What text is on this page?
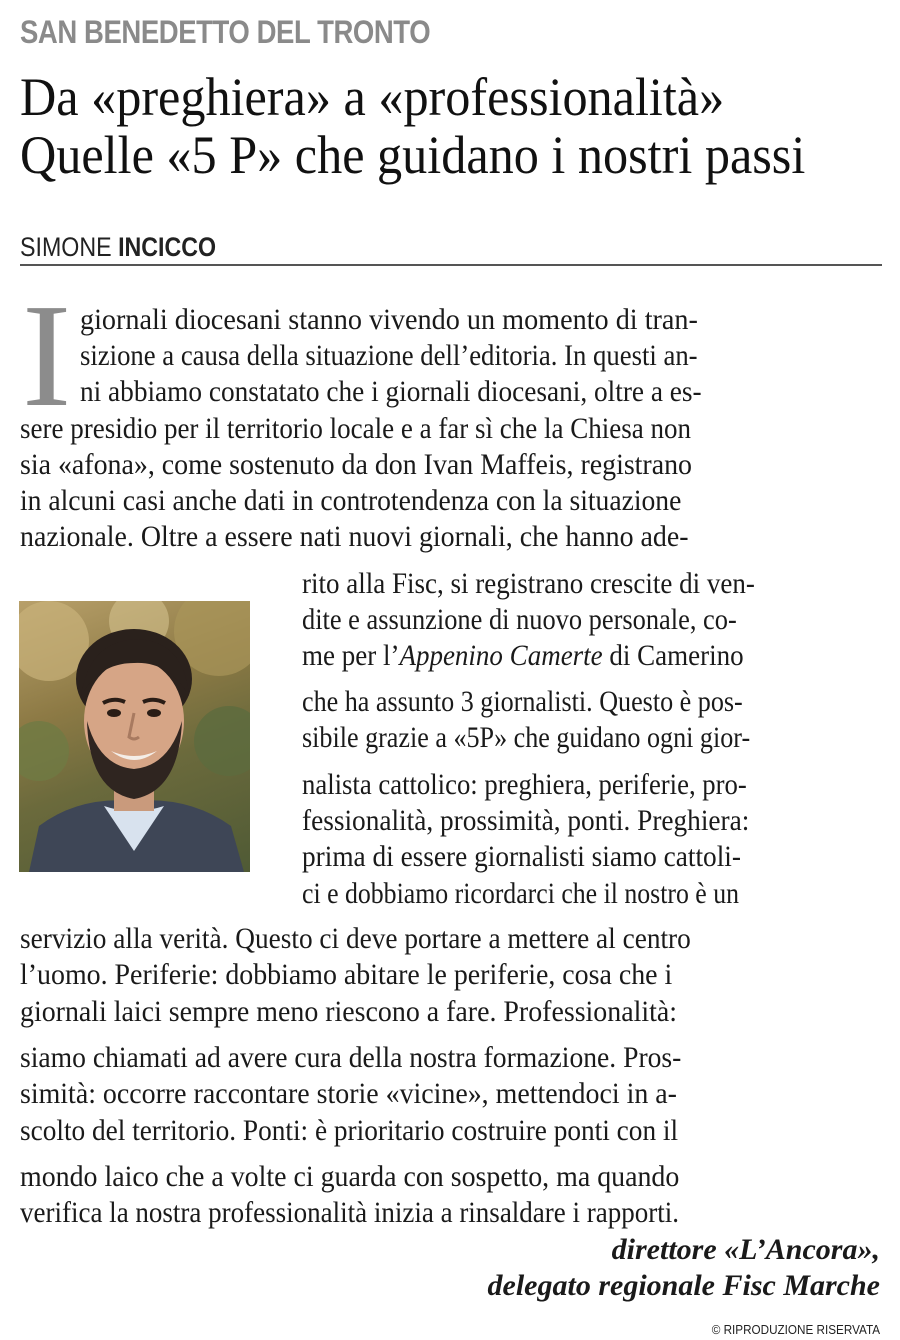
SAN BENEDETTO DEL TRONTO
Da «preghiera» a «professionalità»
Quelle «5 P» che guidano i nostri passi
SIMONE INCICCO
I giornali diocesani stanno vivendo un momento di tran-
sizione a causa della situazione dell’editoria. In questi an-
ni abbiamo constatato che i giornali diocesani, oltre a es-
sere presidio per il territorio locale e a far sì che la Chiesa non
sia «afona», come sostenuto da don Ivan Maffeis, registrano
in alcuni casi anche dati in controtendenza con la situazione
nazionale. Oltre a essere nati nuovi giornali, che hanno ade-
rito alla Fisc, si registrano crescite di ven-
dite e assunzione di nuovo personale, co-
me per l’Appenino Camerte di Camerino
che ha assunto 3 giornalisti. Questo è pos-
sibile grazie a «5P» che guidano ogni gior-
nalista cattolico: preghiera, periferie, pro-
fessionalità, prossimità, ponti. Preghiera:
prima di essere giornalisti siamo cattoli-
ci e dobbiamo ricordarci che il nostro è un
servizio alla verità. Questo ci deve portare a mettere al centro
l’uomo. Periferie: dobbiamo abitare le periferie, cosa che i
giornali laici sempre meno riescono a fare. Professionalità:
siamo chiamati ad avere cura della nostra formazione. Pros-
simità: occorre raccontare storie «vicine», mettendoci in a-
scolto del territorio. Ponti: è prioritario costruire ponti con il
mondo laico che a volte ci guarda con sospetto, ma quando
verifica la nostra professionalità inizia a rinsaldare i rapporti.
direttore «L’Ancora»,
delegato regionale Fisc Marche
© RIPRODUZIONE RISERVATA
